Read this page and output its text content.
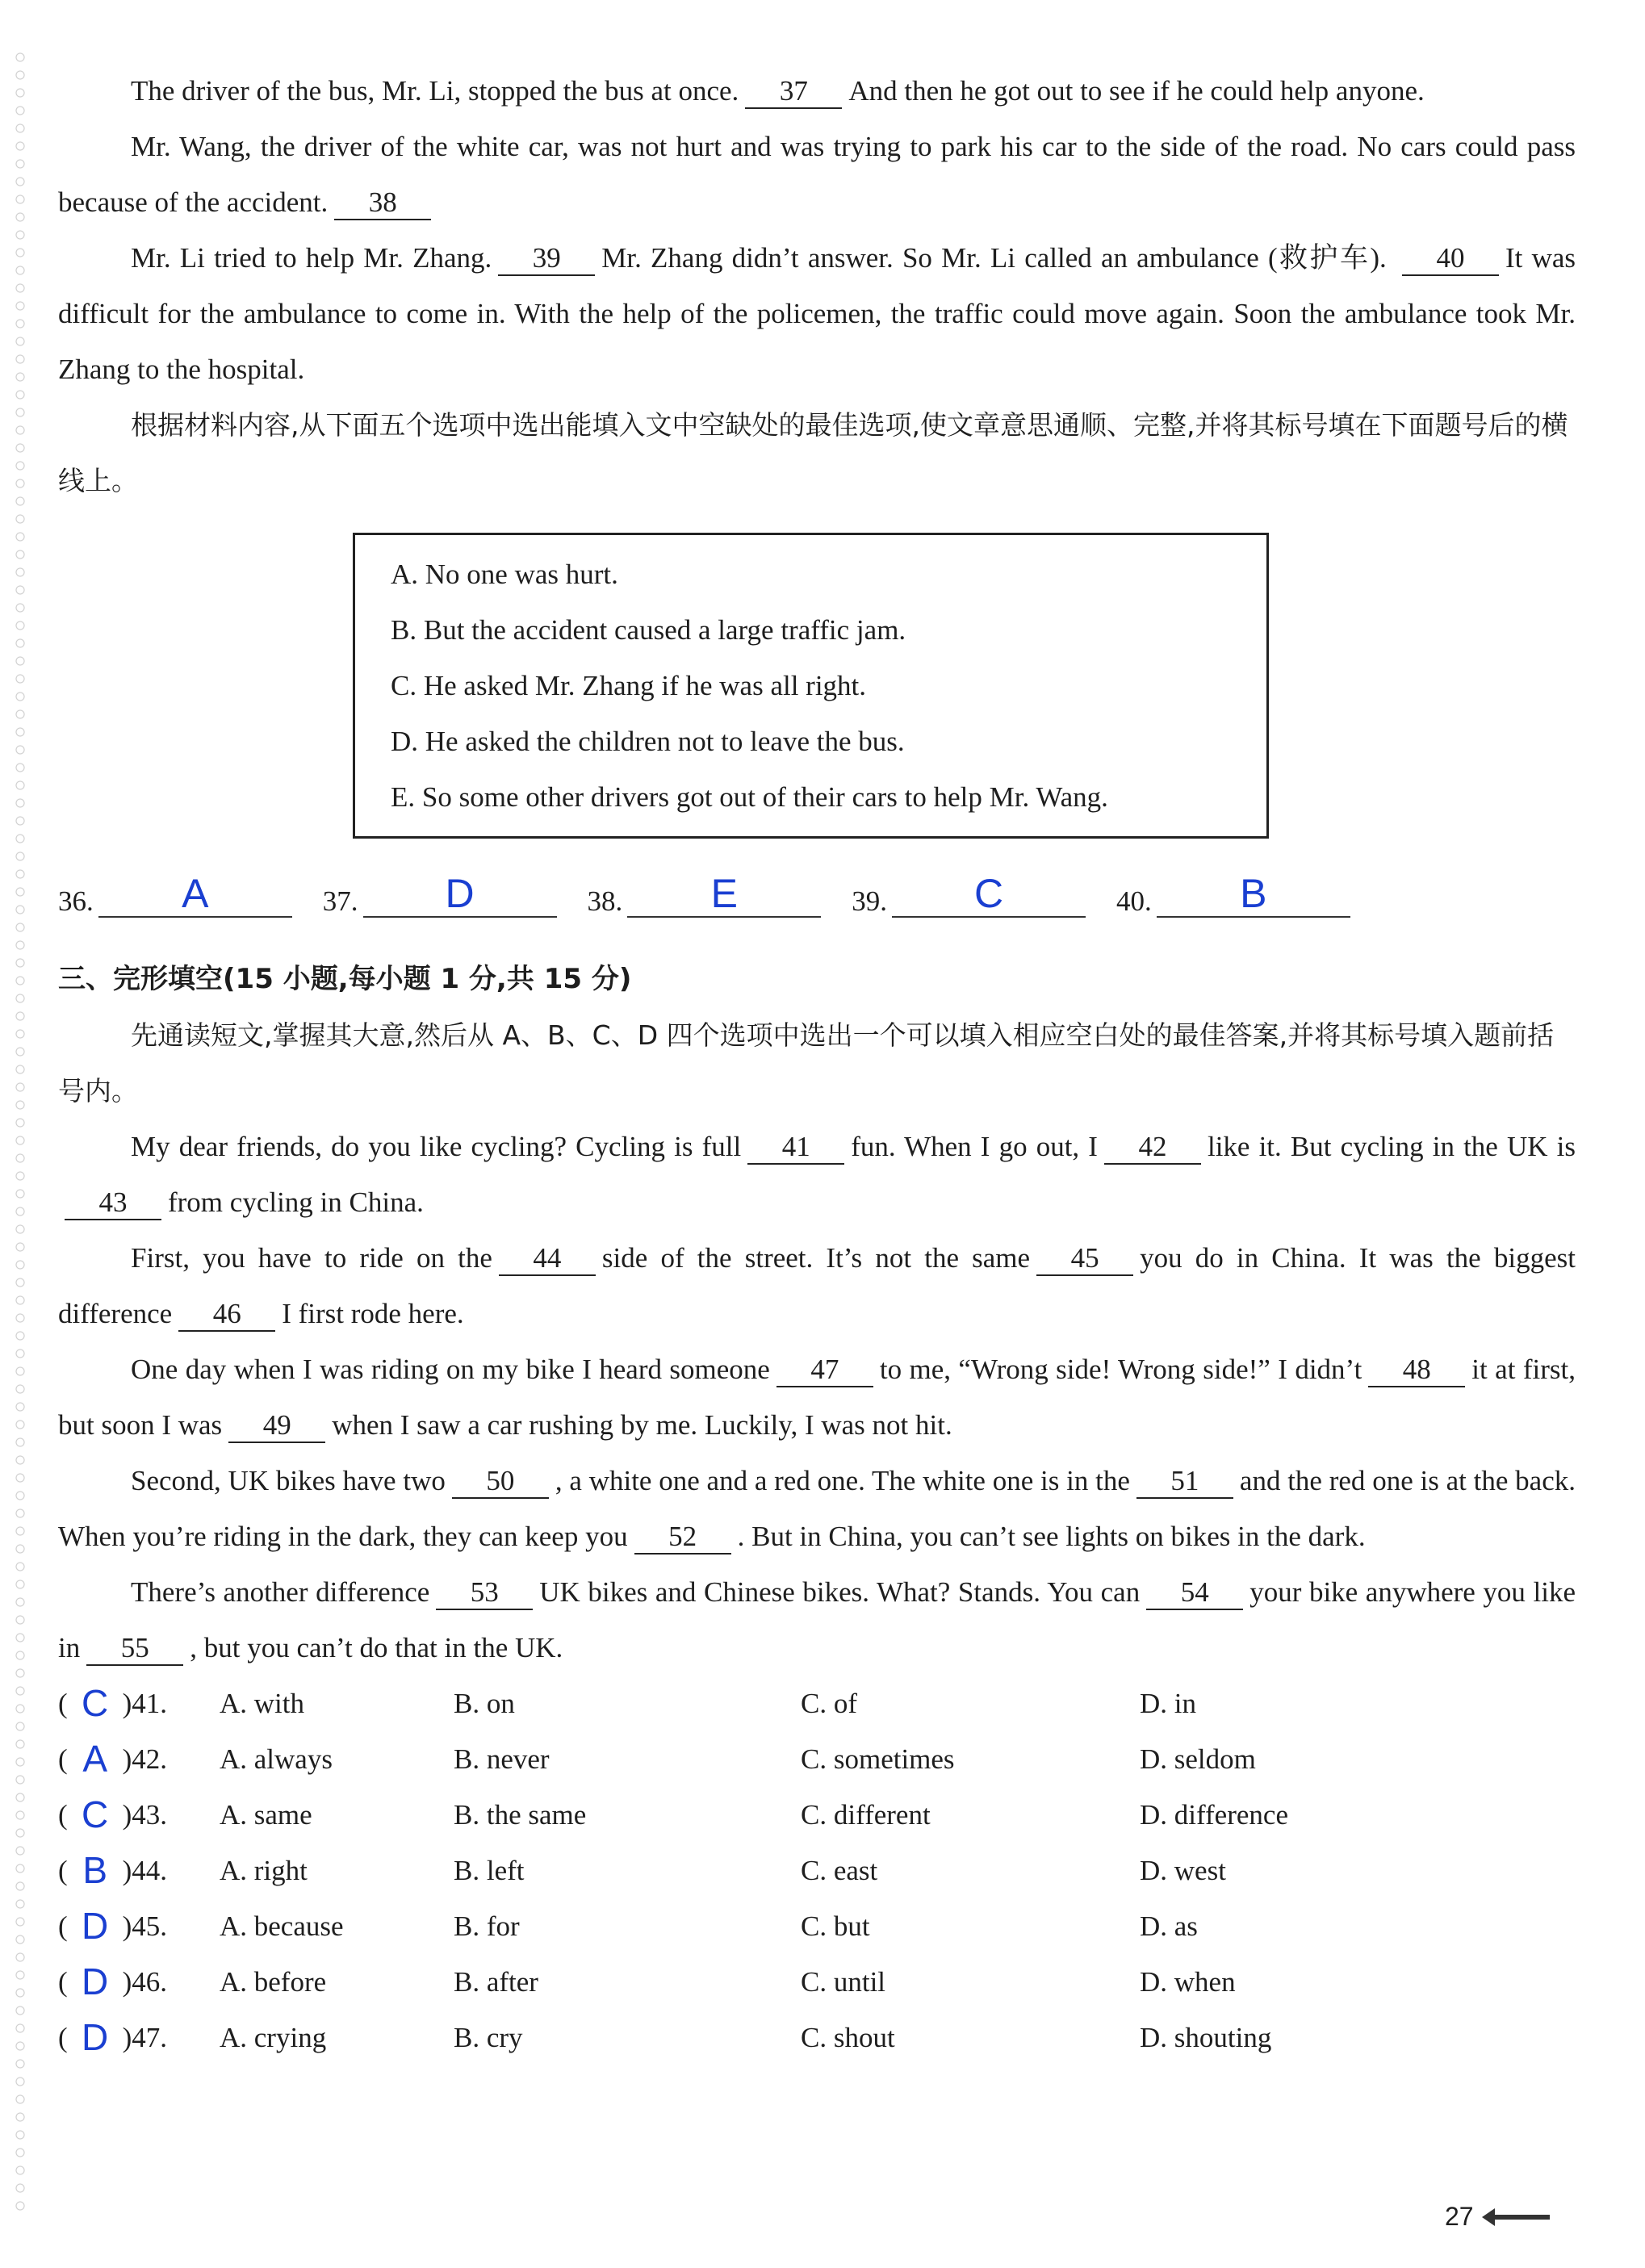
The driver of the bus, Mr. Li, stopped the bus at once. 37 And then he got out to see if he could help anyone.

Mr. Wang, the driver of the white car, was not hurt and was trying to park his car to the side of the road. No cars could pass because of the accident. 38

Mr. Li tried to help Mr. Zhang. 39 Mr. Zhang didn’t answer. So Mr. Li called an ambulance (救护车). 40 It was difficult for the ambulance to come in. With the help of the policemen, the traffic could move again. Soon the ambulance took Mr. Zhang to the hospital.

根据材料内容,从下面五个选项中选出能填入文中空缺处的最佳选项,使文章意思通顺、完整,并将其标号填在下面题号后的横线上。

A. No one was hurt.
B. But the accident caused a large traffic jam.
C. He asked Mr. Zhang if he was all right.
D. He asked the children not to leave the bus.
E. So some other drivers got out of their cars to help Mr. Wang.
36.	A	37.	D	38.	E	39.	C	40.	B
三、完形填空(15 小题,每小题 1 分,共 15 分)

先通读短文,掌握其大意,然后从 A、B、C、D 四个选项中选出一个可以填入相应空白处的最佳答案,并将其标号填入题前括号内。

My dear friends, do you like cycling? Cycling is full 41 fun. When I go out, I 42 like it. But cycling in the UK is43 from cycling in China.

First, you have to ride on the 44 side of the street. It’s not the same 45 you do in China. It was the biggest difference 46 I first rode here.

One day when I was riding on my bike I heard someone 47 to me, “Wrong side! Wrong side!” I didn’t 48 it at first, but soon I was 49 when I saw a car rushing by me. Luckily, I was not hit.

Second, UK bikes have two 50 , a white one and a red one. The white one is in the 51 and the red one is at the back. When you’re riding in the dark, they can keep you 52 . But in China, you can’t see lights on bikes in the dark.

There’s another difference 53 UK bikes and Chinese bikes. What? Stands. You can 54 your bike anywhere you like in 55 , but you can’t do that in the UK.

( C )41. A. with	B. on	C. of	D. in
( A )42. A. always	B. never	C. sometimes	D. seldom
( C )43. A. same	B. the same	C. different	D. difference
( B )44. A. right	B. left	C. east	D. west
( D )45. A. because	B. for	C. but	D. as
( D )46. A. before	B. after	C. until	D. when
( D )47. A. crying	B. cry	C. shout	D. shouting
27
